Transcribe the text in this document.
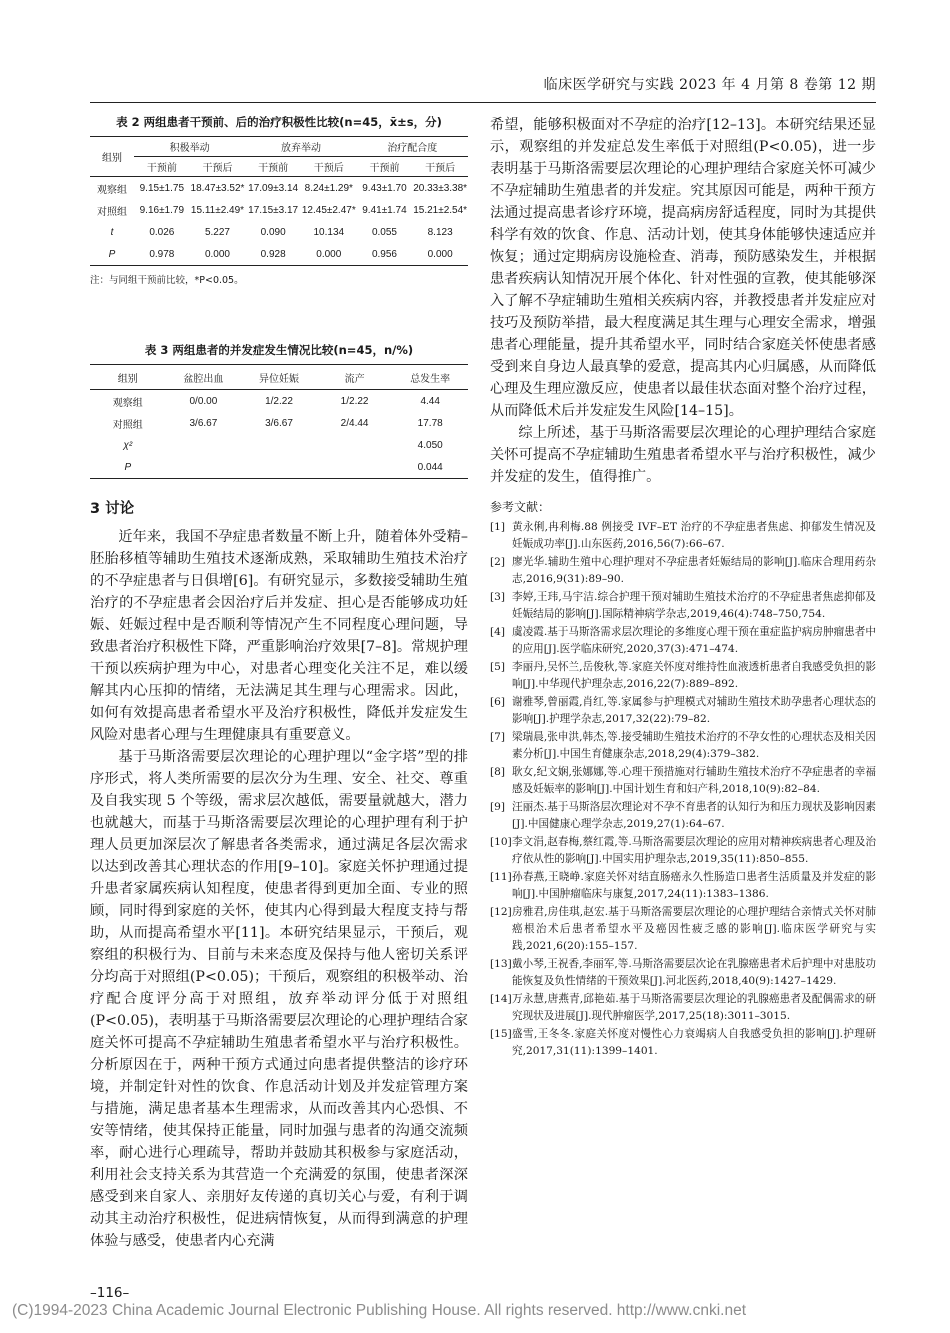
临床医学研究与实践 2023 年 4 月第 8 卷第 12 期
表 2 两组患者干预前、后的治疗积极性比较(n=45，x̄±s，分)
组别	积极举动		放弃举动		治疗配合度	
	干预前	干预后	干预前	干预后	干预前	干预后
观察组	9.15±1.75	18.47±3.52*	17.09±3.14	8.24±1.29*	9.43±1.70	20.33±3.38*
对照组	9.16±1.79	15.11±2.49*	17.15±3.17	12.45±2.47*	9.41±1.74	15.21±2.54*
t	0.026	5.227	0.090	10.134	0.055	8.123
P	0.978	0.000	0.928	0.000	0.956	0.000
注：与同组干预前比较，*P<0.05。
表 3 两组患者的并发症发生情况比较(n=45，n/%)
组别	盆腔出血	异位妊娠	流产	总发生率
观察组	0/0.00	1/2.22	1/2.22	4.44
对照组	3/6.67	3/6.67	2/4.44	17.78
χ²				4.050
P				0.044
3 讨论

近年来，我国不孕症患者数量不断上升，随着体外受精–胚胎移植等辅助生殖技术逐渐成熟，采取辅助生殖技术治疗的不孕症患者与日俱增[6]。有研究显示，多数接受辅助生殖治疗的不孕症患者会因治疗后并发症、担心是否能够成功妊娠、妊娠过程中是否顺利等情况产生不同程度心理问题，导致患者治疗积极性下降，严重影响治疗效果[7–8]。常规护理干预以疾病护理为中心，对患者心理变化关注不足，难以缓解其内心压抑的情绪，无法满足其生理与心理需求。因此，如何有效提高患者希望水平及治疗积极性，降低并发症发生风险对患者心理与生理健康具有重要意义。

基于马斯洛需要层次理论的心理护理以“金字塔”型的排序形式，将人类所需要的层次分为生理、安全、社交、尊重及自我实现 5 个等级，需求层次越低，需要量就越大，潜力也就越大，而基于马斯洛需要层次理论的心理护理有利于护理人员更加深层次了解患者各类需求，通过满足各层次需求以达到改善其心理状态的作用[9–10]。家庭关怀护理通过提升患者家属疾病认知程度，使患者得到更加全面、专业的照顾，同时得到家庭的关怀，使其内心得到最大程度支持与帮助，从而提高希望水平[11]。本研究结果显示，干预后，观察组的积极行为、目前与未来态度及保持与他人密切关系评分均高于对照组(P<0.05)；干预后，观察组的积极举动、治疗配合度评分高于对照组，放弃举动评分低于对照组(P<0.05)，表明基于马斯洛需要层次理论的心理护理结合家庭关怀可提高不孕症辅助生殖患者希望水平与治疗积极性。分析原因在于，两种干预方式通过向患者提供整洁的诊疗环境，并制定针对性的饮食、作息活动计划及并发症管理方案与措施，满足患者基本生理需求，从而改善其内心恐惧、不安等情绪，使其保持正能量，同时加强与患者的沟通交流频率，耐心进行心理疏导，帮助并鼓励其积极参与家庭活动，利用社会支持关系为其营造一个充满爱的氛围，使患者深深感受到来自家人、亲朋好友传递的真切关心与爱，有利于调动其主动治疗积极性，促进病情恢复，从而得到满意的护理体验与感受，使患者内心充满

希望，能够积极面对不孕症的治疗[12–13]。本研究结果还显示，观察组的并发症总发生率低于对照组(P<0.05)，进一步表明基于马斯洛需要层次理论的心理护理结合家庭关怀可减少不孕症辅助生殖患者的并发症。究其原因可能是，两种干预方法通过提高患者诊疗环境，提高病房舒适程度，同时为其提供科学有效的饮食、作息、活动计划，使其身体能够快速适应并恢复；通过定期病房设施检查、消毒，预防感染发生，并根据患者疾病认知情况开展个体化、针对性强的宣教，使其能够深入了解不孕症辅助生殖相关疾病内容，并教授患者并发症应对技巧及预防举措，最大程度满足其生理与心理安全需求，增强患者心理能量，提升其希望水平，同时结合家庭关怀使患者感受到来自身边人最真挚的爱意，提高其内心归属感，从而降低心理及生理应激反应，使患者以最佳状态面对整个治疗过程，从而降低术后并发症发生风险[14–15]。

综上所述，基于马斯洛需要层次理论的心理护理结合家庭关怀可提高不孕症辅助生殖患者希望水平与治疗积极性，减少并发症的发生，值得推广。

参考文献：
[1] 黄永俐,冉利梅.88 例接受 IVF–ET 治疗的不孕症患者焦虑、抑郁发生情况及妊娠成功率[J].山东医药,2016,56(7):66–67.
[2] 廖光华.辅助生殖中心理护理对不孕症患者妊娠结局的影响[J].临床合理用药杂志,2016,9(31):89–90.
[3] 李婷,王玮,马宇洁.综合护理干预对辅助生殖技术治疗的不孕症患者焦虑抑郁及妊娠结局的影响[J].国际精神病学杂志,2019,46(4):748–750,754.
[4] 虞凌霞.基于马斯洛需求层次理论的多维度心理干预在重症监护病房肿瘤患者中的应用[J].医学临床研究,2020,37(3):471–474.
[5] 李丽丹,吴怀兰,岳俊秋,等.家庭关怀度对维持性血液透析患者自我感受负担的影响[J].中华现代护理杂志,2016,22(7):889–892.
[6] 谢雅琴,曾丽霞,肖红,等.家属参与护理模式对辅助生殖技术助孕患者心理状态的影响[J].护理学杂志,2017,32(22):79–82.
[7] 梁瑞晨,张申洪,韩杰,等.接受辅助生殖技术治疗的不孕女性的心理状态及相关因素分析[J].中国生育健康杂志,2018,29(4):379–382.
[8] 耿女,纪文娴,张娜娜,等.心理干预措施对行辅助生殖技术治疗不孕症患者的幸福感及妊娠率的影响[J].中国计划生育和妇产科,2018,10(9):82–84.
[9] 汪丽杰.基于马斯洛层次理论对不孕不育患者的认知行为和压力现状及影响因素[J].中国健康心理学杂志,2019,27(1):64–67.
[10] 李文涓,赵春梅,蔡红霞,等.马斯洛需要层次理论的应用对精神疾病患者心理及治疗依从性的影响[J].中国实用护理杂志,2019,35(11):850–855.
[11] 孙春燕,王晓峥.家庭关怀对结直肠癌永久性肠造口患者生活质量及并发症的影响[J].中国肿瘤临床与康复,2017,24(11):1383–1386.
[12] 房雅君,房佳琪,赵宏.基于马斯洛需要层次理论的心理护理结合亲情式关怀对肺癌根治术后患者希望水平及癌因性疲乏感的影响[J].临床医学研究与实践,2021,6(20):155–157.
[13] 戴小琴,王祝香,李丽军,等.马斯洛需要层次论在乳腺癌患者术后护理中对患肢功能恢复及负性情绪的干预效果[J].河北医药,2018,40(9):1427–1429.
[14] 万永慧,唐燕青,邱艳茹.基于马斯洛需要层次理论的乳腺癌患者及配偶需求的研究现状及进展[J].现代肿瘤医学,2017,25(18):3011–3015.
[15] 盛雪,王冬冬.家庭关怀度对慢性心力衰竭病人自我感受负担的影响[J].护理研究,2017,31(11):1399–1401.
–116–
(C)1994-2023 China Academic Journal Electronic Publishing House. All rights reserved. http://www.cnki.net
